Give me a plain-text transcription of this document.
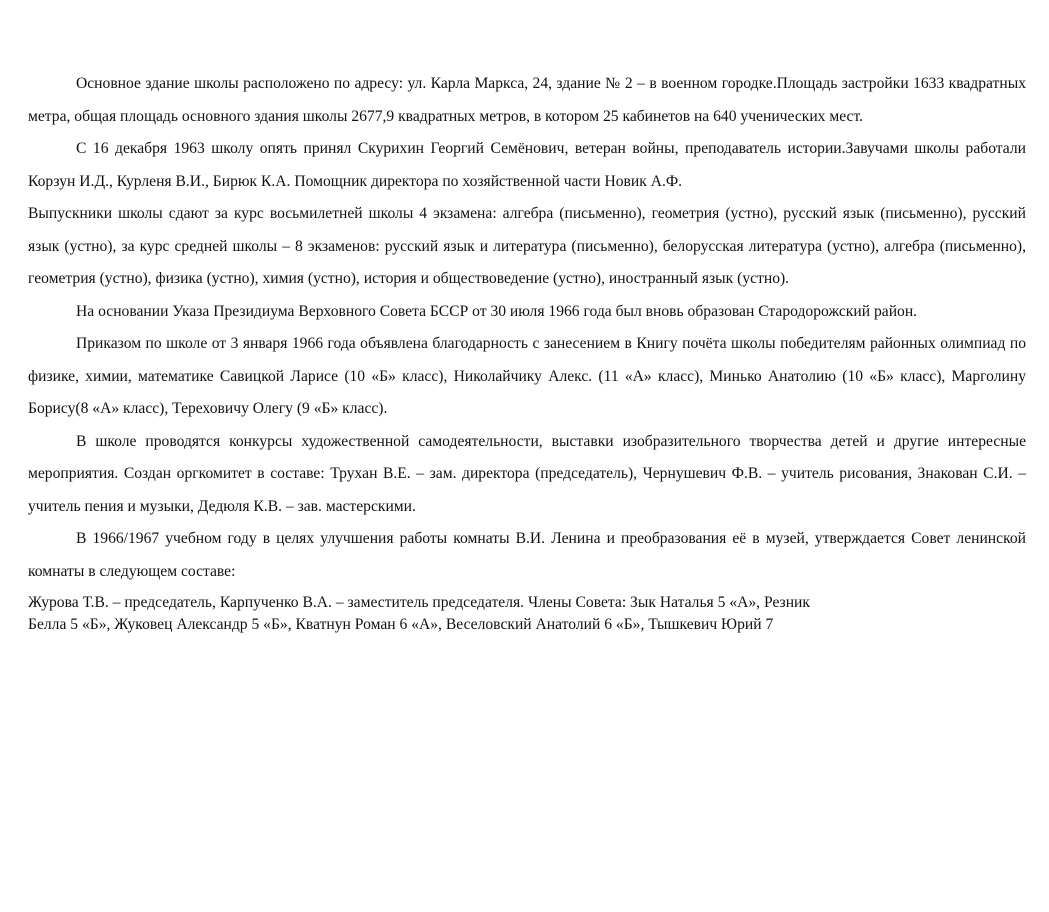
Основное здание школы расположено по адресу: ул. Карла Маркса, 24, здание № 2 – в военном городке.Площадь застройки 1633 квадратных метра, общая площадь основного здания школы 2677,9 квадратных метров, в котором 25 кабинетов на 640 ученических мест.

С 16 декабря 1963 школу опять принял Скурихин Георгий Семёнович, ветеран войны, преподаватель истории.Завучами школы работали Корзун И.Д., Курленя В.И., Бирюк К.А. Помощник директора по хозяйственной части Новик А.Ф.

Выпускники школы сдают за курс восьмилетней школы 4 экзамена: алгебра (письменно), геометрия (устно), русский язык (письменно), русский язык (устно), за курс средней школы – 8 экзаменов: русский язык и литература (письменно), белорусская литература (устно), алгебра (письменно), геометрия (устно), физика (устно), химия (устно), история и обществоведение (устно), иностранный язык (устно).

На основании Указа Президиума Верховного Совета БССР от 30 июля 1966 года был вновь образован Стародорожский район.

Приказом по школе от 3 января 1966 года объявлена благодарность с занесением в Книгу почёта школы победителям районных олимпиад по физике, химии, математике Савицкой Ларисе (10 «Б» класс), Николайчику Алекс. (11 «А» класс), Минько Анатолию (10 «Б» класс), Марголину Борису(8 «А» класс), Тереховичу Олегу (9 «Б» класс).

В школе проводятся конкурсы художественной самодеятельности, выставки изобразительного творчества детей и другие интересные мероприятия. Создан оргкомитет в составе: Трухан В.Е. – зам. директора (председатель), Чернушевич Ф.В. – учитель рисования, Знакован С.И. – учитель пения и музыки, Дедюля К.В. – зав. мастерскими.

В 1966/1967 учебном году в целях улучшения работы комнаты В.И. Ленина и преобразования её в музей, утверждается Совет ленинской комнаты в следующем составе:

Журова Т.В. – председатель, Карпученко В.А. – заместитель председателя. Члены Совета: Зык Наталья 5 «А», Резник
Белла 5 «Б», Жуковец Александр 5 «Б», Кватнун Роман 6 «А», Веселовский Анатолий 6 «Б», Тышкевич Юрий 7
